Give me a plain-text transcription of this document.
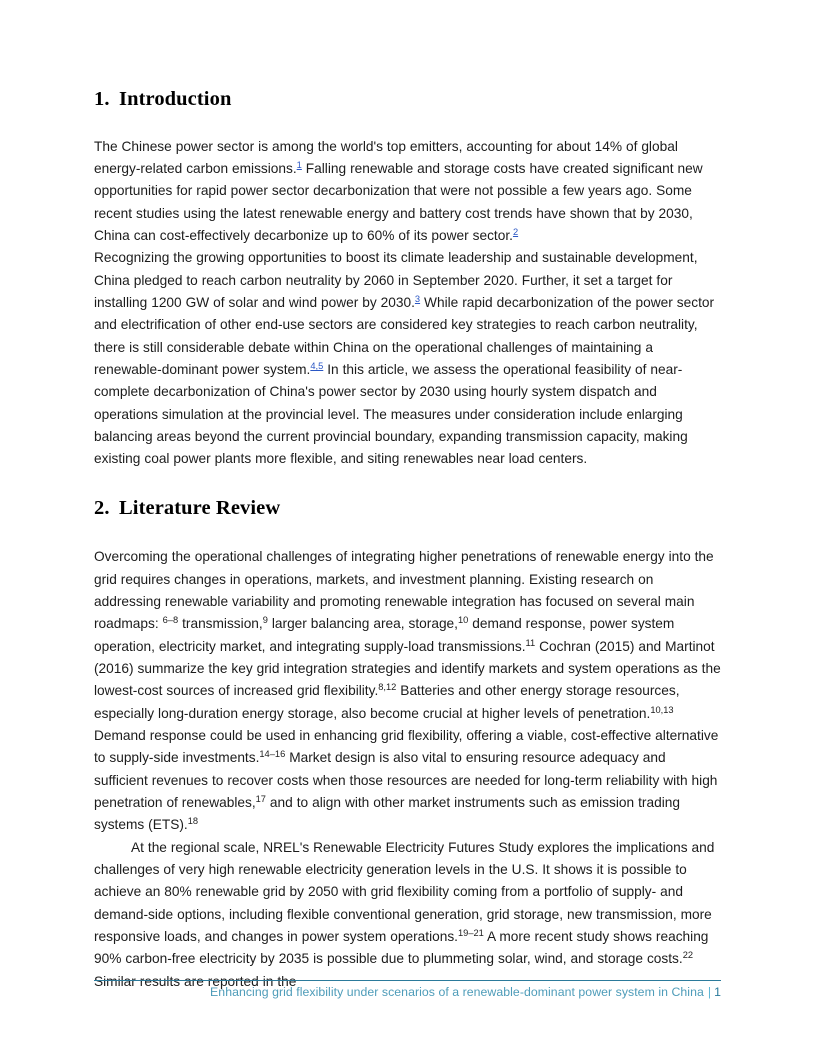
1. Introduction

The Chinese power sector is among the world's top emitters, accounting for about 14% of global energy-related carbon emissions.$^1$ Falling renewable and storage costs have created significant new opportunities for rapid power sector decarbonization that were not possible a few years ago. Some recent studies using the latest renewable energy and battery cost trends have shown that by 2030, China can cost-effectively decarbonize up to 60% of its power sector.$^2$

Recognizing the growing opportunities to boost its climate leadership and sustainable development, China pledged to reach carbon neutrality by 2060 in September 2020. Further, it set a target for installing 1200 GW of solar and wind power by 2030.$^3$ While rapid decarbonization of the power sector and electrification of other end-use sectors are considered key strategies to reach carbon neutrality, there is still considerable debate within China on the operational challenges of maintaining a renewable-dominant power system.$^{4,5}$ In this article, we assess the operational feasibility of near-complete decarbonization of China's power sector by 2030 using hourly system dispatch and operations simulation at the provincial level. The measures under consideration include enlarging balancing areas beyond the current provincial boundary, expanding transmission capacity, making existing coal power plants more flexible, and siting renewables near load centers.

2. Literature Review

Overcoming the operational challenges of integrating higher penetrations of renewable energy into the grid requires changes in operations, markets, and investment planning. Existing research on addressing renewable variability and promoting renewable integration has focused on several main roadmaps: $^{6-8}$ transmission,$^9$ larger balancing area, storage,$^{10}$ demand response, power system operation, electricity market, and integrating supply-load transmissions.$^{11}$ Cochran (2015) and Martinot (2016) summarize the key grid integration strategies and identify markets and system operations as the lowest-cost sources of increased grid flexibility.$^{8,12}$ Batteries and other energy storage resources, especially long-duration energy storage, also become crucial at higher levels of penetration.$^{10,13}$ Demand response could be used in enhancing grid flexibility, offering a viable, cost-effective alternative to supply-side investments.$^{14-16}$ Market design is also vital to ensuring resource adequacy and sufficient revenues to recover costs when those resources are needed for long-term reliability with high penetration of renewables,$^{17}$ and to align with other market instruments such as emission trading systems (ETS).$^{18}$

At the regional scale, NREL's Renewable Electricity Futures Study explores the implications and challenges of very high renewable electricity generation levels in the U.S. It shows it is possible to achieve an 80% renewable grid by 2050 with grid flexibility coming from a portfolio of supply- and demand-side options, including flexible conventional generation, grid storage, new transmission, more responsive loads, and changes in power system operations.$^{19-21}$ A more recent study shows reaching 90% carbon-free electricity by 2035 is possible due to plummeting solar, wind, and storage costs.$^{22}$ Similar results are reported in the

Enhancing grid flexibility under scenarios of a renewable-dominant power system in China | 1
